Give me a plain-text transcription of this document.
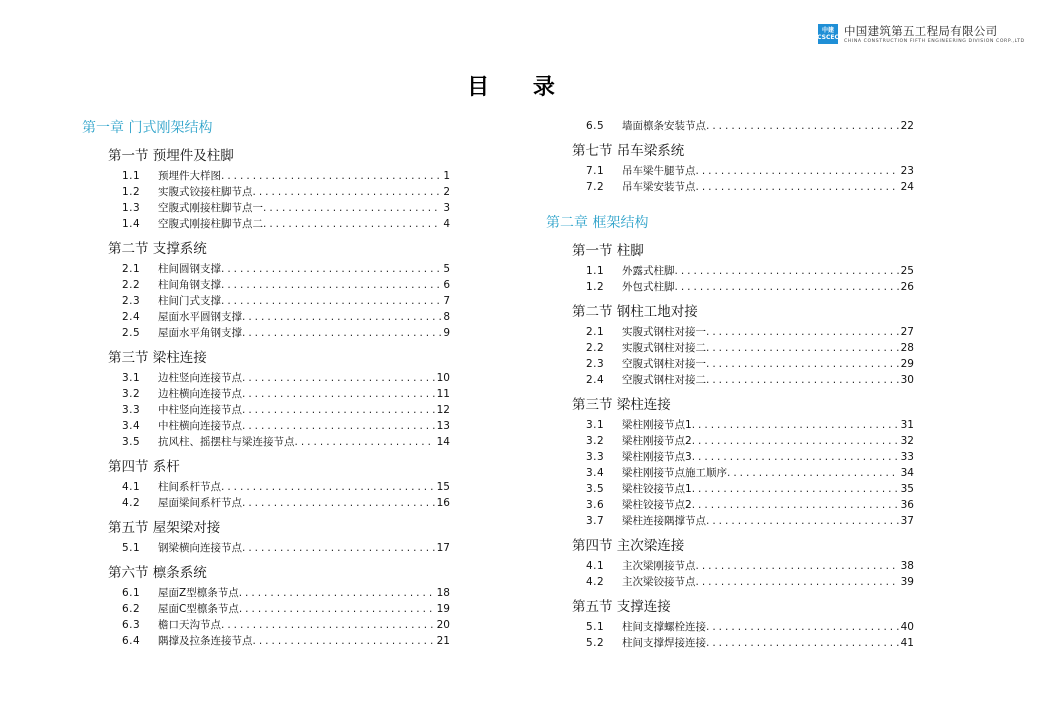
中建
CSCEC 中国建筑第五工程局有限公司
CHINA CONSTRUCTION FIFTH ENGINEERING DIVISION CORP.,LTD
目 录
第一章 门式刚架结构
第一节 预埋件及柱脚
1.1	预埋件大样图 .....	1
1.2	实腹式铰接柱脚节点 .....	2
1.3	空腹式刚接柱脚节点一 .....	3
1.4	空腹式刚接柱脚节点二 .....	4
第二节 支撑系统
2.1	柱间圆钢支撑 .....	5
2.2	柱间角钢支撑 .....	6
2.3	柱间门式支撑 .....	7
2.4	屋面水平圆钢支撑 .....	8
2.5	屋面水平角钢支撑 .....	9
第三节 梁柱连接
3.1	边柱竖向连接节点 .....	10
3.2	边柱横向连接节点 .....	11
3.3	中柱竖向连接节点 .....	12
3.4	中柱横向连接节点 .....	13
3.5	抗风柱、摇摆柱与梁连接节点 .....	14
第四节 系杆
4.1	柱间系杆节点 .....	15
4.2	屋面梁间系杆节点 .....	16
第五节 屋架梁对接
5.1	钢梁横向连接节点 .....	17
第六节 檩条系统
6.1	屋面Z型檩条节点 .....	18
6.2	屋面C型檩条节点 .....	19
6.3	檐口天沟节点 .....	20
6.4	隅撑及拉条连接节点 .....	21
6.5	墙面檩条安装节点 .....	22
第七节 吊车梁系统
7.1	吊车梁牛腿节点 .....	23
7.2	吊车梁安装节点 .....	24
第二章 框架结构
第一节 柱脚
1.1	外露式柱脚 .....	25
1.2	外包式柱脚 .....	26
第二节 钢柱工地对接
2.1	实腹式钢柱对接一 .....	27
2.2	实腹式钢柱对接二 .....	28
2.3	空腹式钢柱对接一 .....	29
2.4	空腹式钢柱对接二 .....	30
第三节 梁柱连接
3.1	梁柱刚接节点1 .....	31
3.2	梁柱刚接节点2 .....	32
3.3	梁柱刚接节点3 .....	33
3.4	梁柱刚接节点施工顺序 .....	34
3.5	梁柱铰接节点1 .....	35
3.6	梁柱铰接节点2 .....	36
3.7	梁柱连接隅撑节点 .....	37
第四节 主次梁连接
4.1	主次梁刚接节点 .....	38
4.2	主次梁铰接节点 .....	39
第五节 支撑连接
5.1	柱间支撑螺栓连接 .....	40
5.2	柱间支撑焊接连接 .....	41
